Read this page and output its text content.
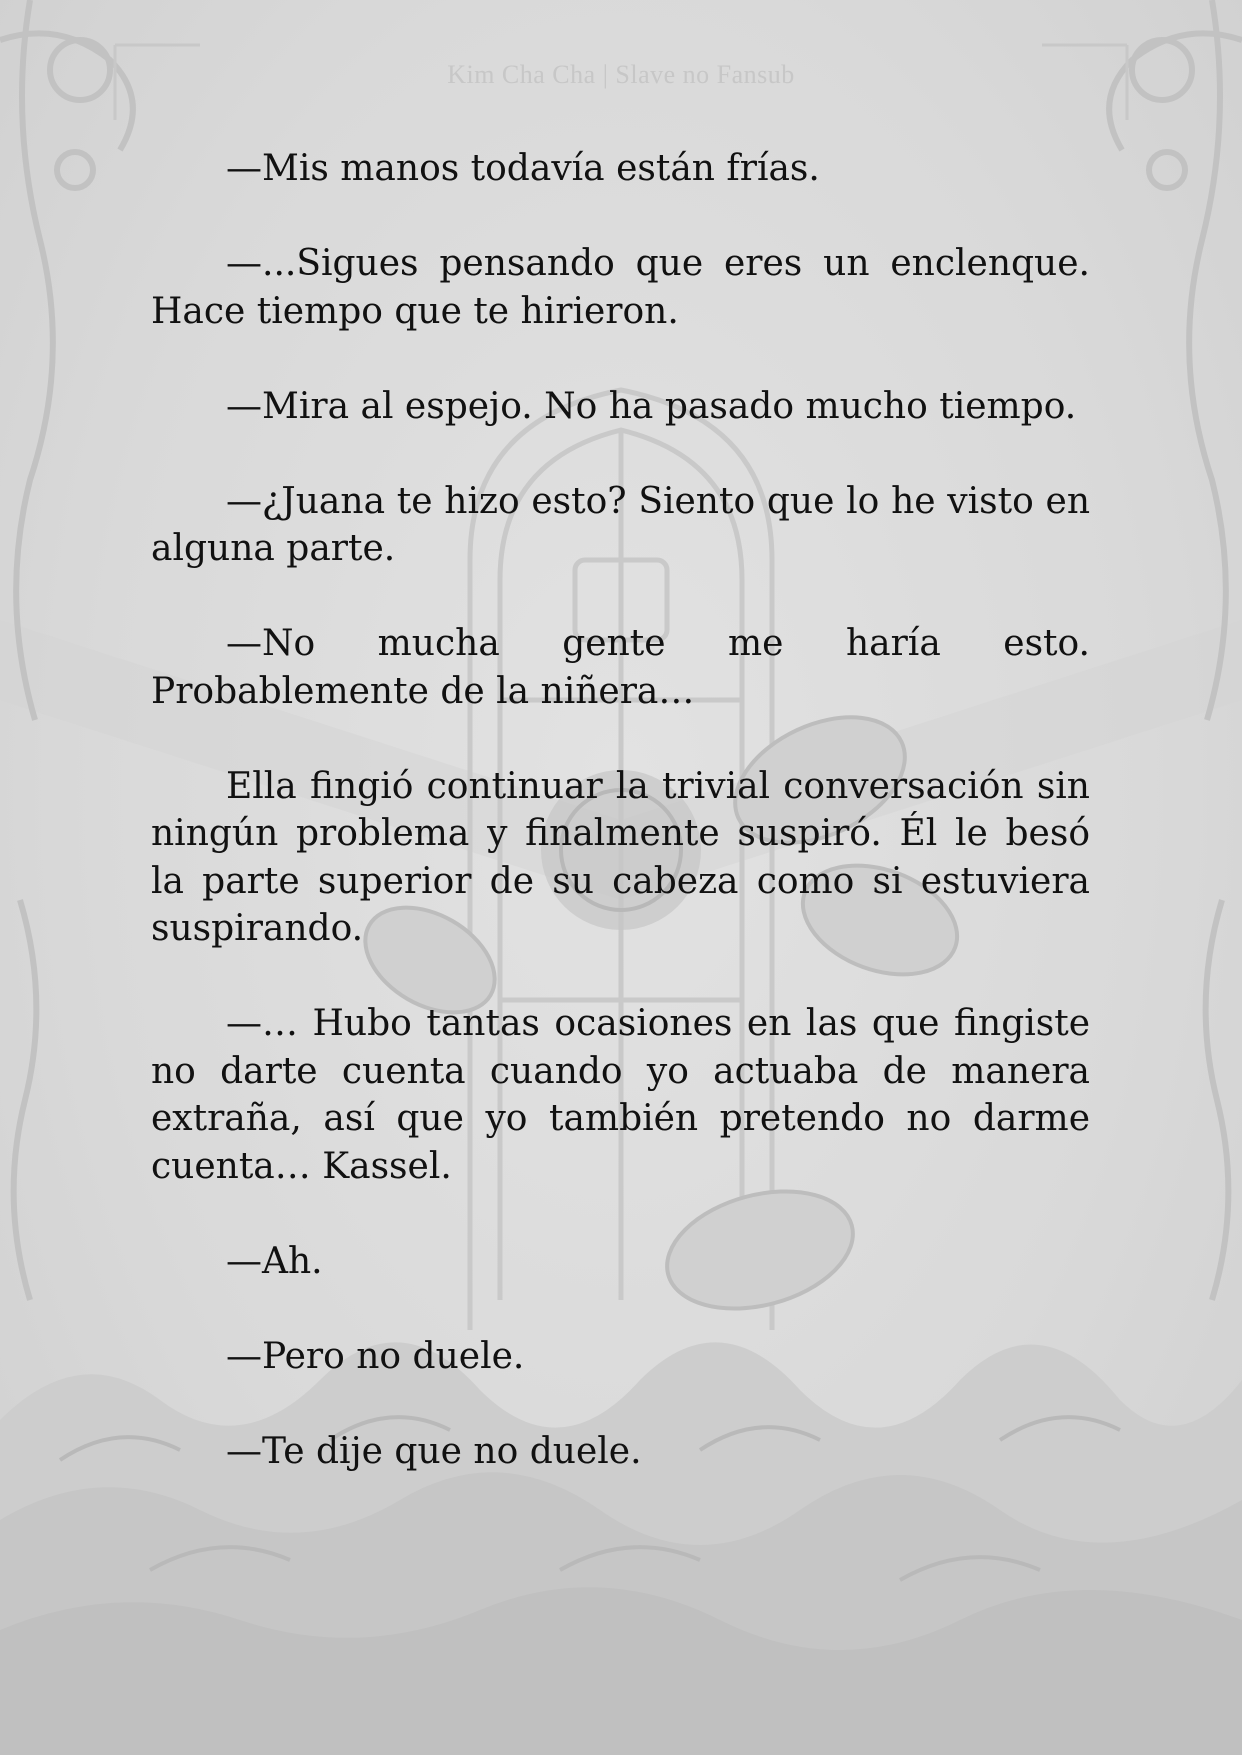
Kim Cha Cha | Slave no Fansub

—Mis manos todavía están frías.

—...Sigues pensando que eres un enclenque. Hace tiempo que te hirieron.

—Mira al espejo. No ha pasado mucho tiempo.

—¿Juana te hizo esto? Siento que lo he visto en alguna parte.

—No mucha gente me haría esto. Probablemente de la niñera…

Ella fingió continuar la trivial conversación sin ningún problema y finalmente suspiró. Él le besó la parte superior de su cabeza como si estuviera suspirando.

—… Hubo tantas ocasiones en las que fingiste no darte cuenta cuando yo actuaba de manera extraña, así que yo también pretendo no darme cuenta… Kassel.

—Ah.

—Pero no duele.

—Te dije que no duele.
